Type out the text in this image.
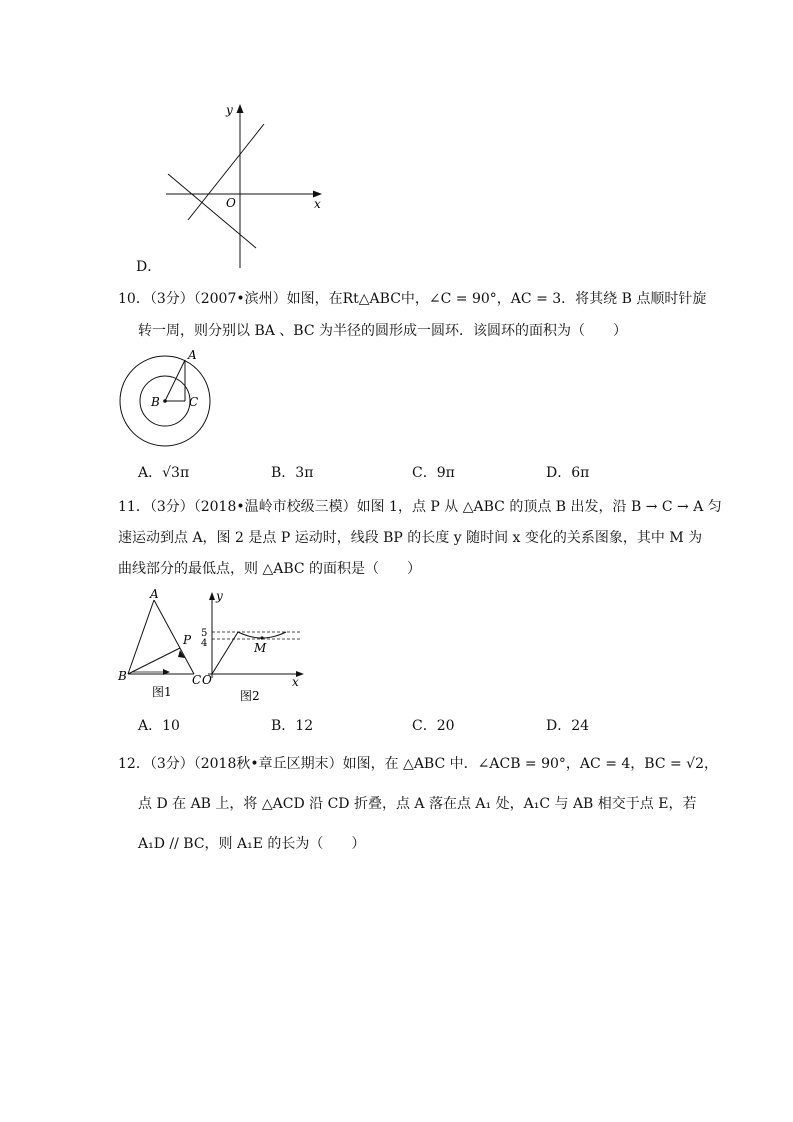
y
x
O
D．
10．（3分）（2007•滨州）如图，在Rt△ABC中，∠C = 90°，AC = 3．将其绕 B 点顺时针旋
转一周，则分别以 BA 、BC 为半径的圆形成一圆环．该圆环的面积为（　　）
A
B C
A．√3π	B．3π	C．9π	D．6π
11．（3分）（2018•温岭市校级三模）如图 1，点 P 从 △ABC 的顶点 B 出发，沿 B → C → A 匀
速运动到点 A，图 2 是点 P 运动时，线段 BP 的长度 y 随时间 x 变化的关系图象，其中 M 为
曲线部分的最低点，则 △ABC 的面积是（　　）
A
B	C
P
图1
y
x
O
M
5
4
图2
A．10	B．12	C．20	D．24
12．（3分）（2018秋•章丘区期末）如图，在 △ABC 中．∠ACB = 90°，AC = 4，BC = √2，
点 D 在 AB 上，将 △ACD 沿 CD 折叠，点 A 落在点 A₁ 处，A₁C 与 AB 相交于点 E，若
A₁D // BC，则 A₁E 的长为（　　）
